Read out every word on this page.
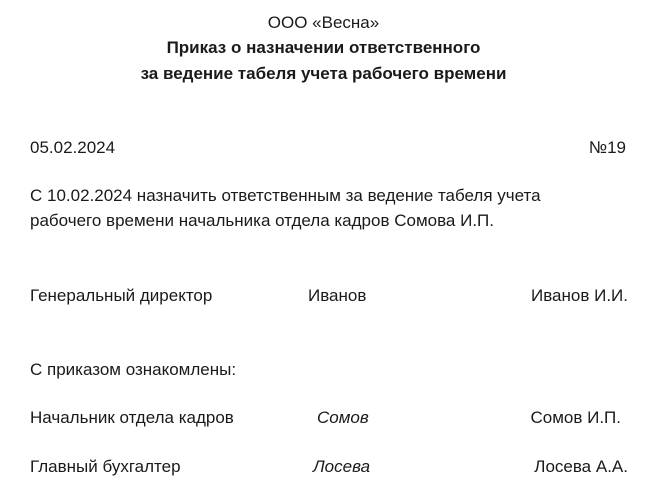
ООО «Весна»
Приказ о назначении ответственного
за ведение табеля учета рабочего времени
05.02.2024	№19
С 10.02.2024 назначить ответственным за ведение табеля учета
рабочего времени начальника отдела кадров Сомова И.П.
Генеральный директор	Иванов	Иванов И.И.
С приказом ознакомлены:
Начальник отдела кадров	Сомов	Сомов И.П.
Главный бухгалтер	Лосева	Лосева А.А.
